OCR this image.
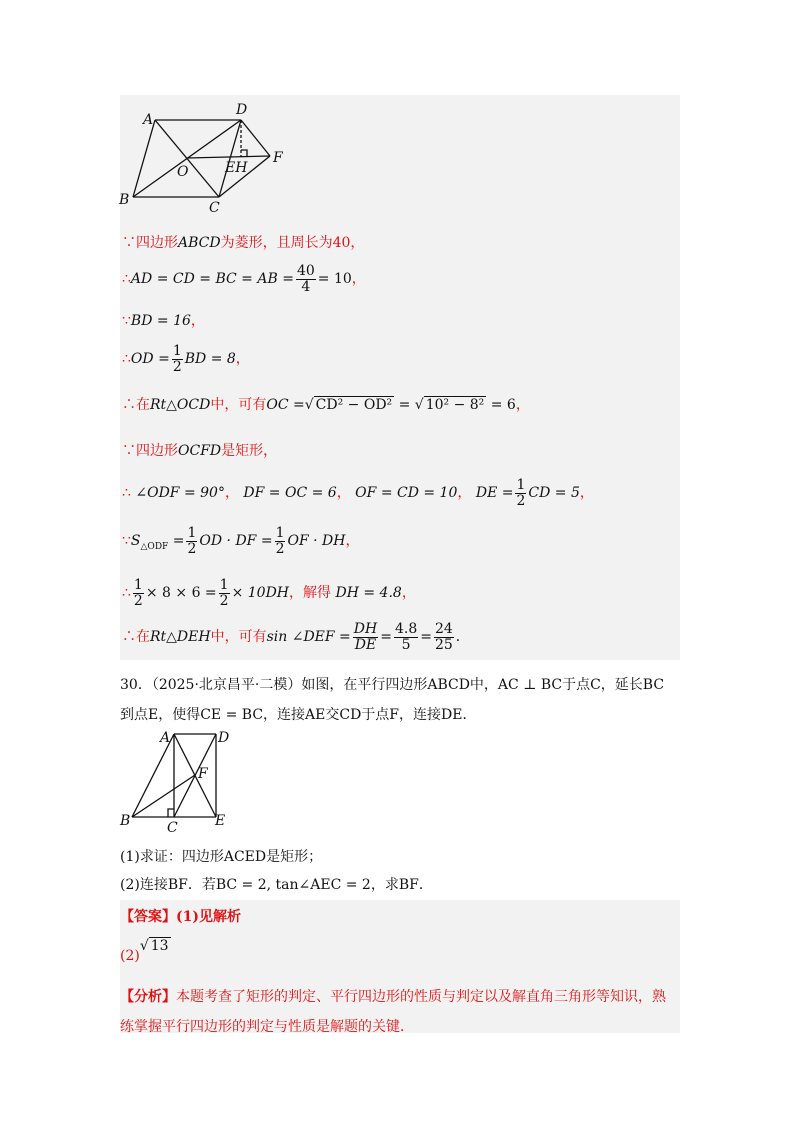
A
D
B	C
O	EH
F
∵四边形ABCD为菱形，且周长为40，
∴AD = CD = BC = AB = $\frac{40}{4} = 10$，
∵BD = 16，
∴OD = $\frac{1}{2}$ BD = 8，
∴在Rt△OCD中，可有OC =√ CD² − OD² = √ 10² − 8² = 6，
∵四边形OCFD是矩形，
∴ ∠ODF = 90°， DF = OC = 6， OF = CD = 10， DE = $\frac{1}{2}$ CD = 5，
$\because S_{\triangle ODF} = \frac{1}{2}$ OD · DF = $\frac{1}{2}$ OF · DH，
∴ $\frac{1}{2} \times 8 \times 6 = \frac{1}{2} \times 10DH$，解得 DH = 4.8，
∴在Rt△DEH中，可有sin ∠DEF = $\frac{DH}{DE} = \frac{4.8}{5} = \frac{24}{25}$ ．
30．（2025·北京昌平·二模）如图，在平行四边形ABCD中，AC ⊥ BC于点C，延长BC
到点E，使得CE = BC，连接AE交CD于点F，连接DE．
A	D
F
B	C	E
(1)求证：四边形ACED是矩形；
(2)连接BF．若BC = 2, tan∠AEC = 2，求BF．
【答案】(1)见解析
(2)√ 13
【分析】本题考查了矩形的判定、平行四边形的性质与判定以及解直角三角形等知识，熟
练掌握平行四边形的判定与性质是解题的关键．
